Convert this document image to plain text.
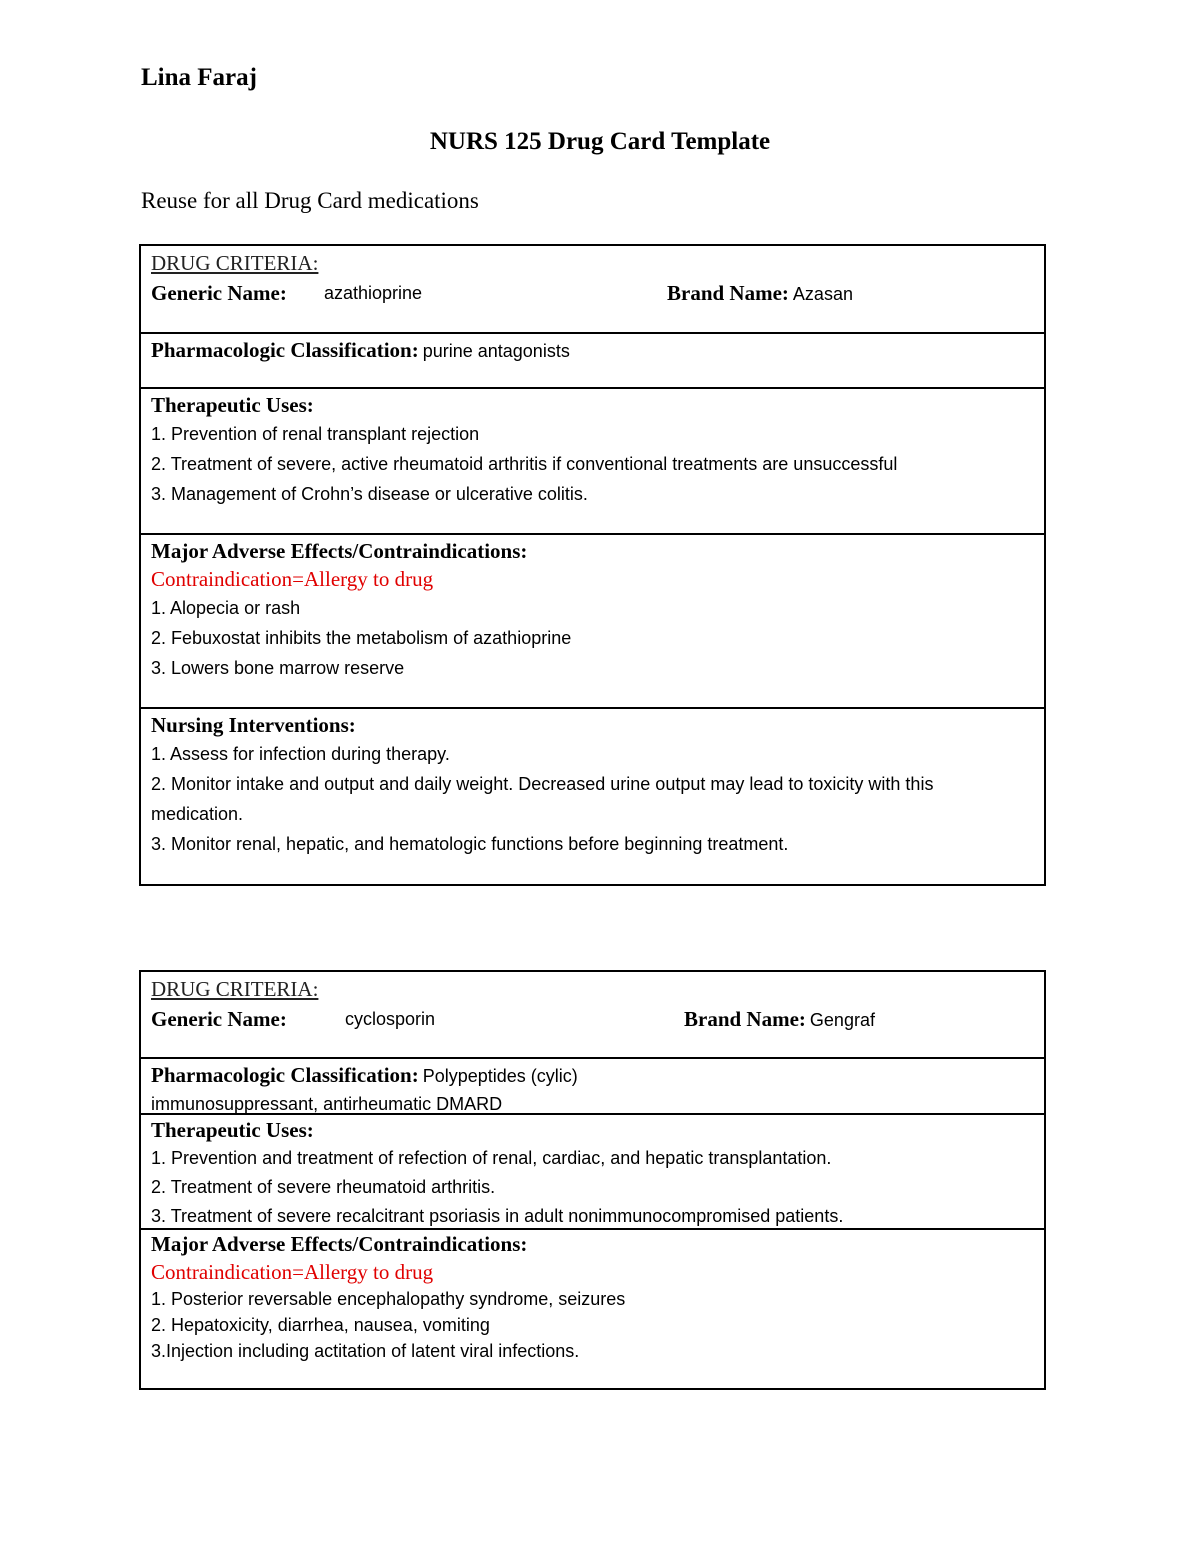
Lina Faraj
NURS 125 Drug Card Template
Reuse for all Drug Card medications
DRUG CRITERIA:
Generic Name: azathioprine	Brand Name: Azasan
Pharmacologic Classification: purine antagonists
Therapeutic Uses:
1. Prevention of renal transplant rejection
2. Treatment of severe, active rheumatoid arthritis if conventional treatments are unsuccessful
3. Management of Crohn’s disease or ulcerative colitis.
Major Adverse Effects/Contraindications:
Contraindication=Allergy to drug
1. Alopecia or rash
2. Febuxostat inhibits the metabolism of azathioprine
3. Lowers bone marrow reserve
Nursing Interventions:
1. Assess for infection during therapy.
2. Monitor intake and output and daily weight. Decreased urine output may lead to toxicity with this
medication.
3. Monitor renal, hepatic, and hematologic functions before beginning treatment.
DRUG CRITERIA:
Generic Name:	cyclosporin	Brand Name: Gengraf
Pharmacologic Classification: Polypeptides (cylic)
immunosuppressant, antirheumatic DMARD
Therapeutic Uses:
1. Prevention and treatment of refection of renal, cardiac, and hepatic transplantation.
2. Treatment of severe rheumatoid arthritis.
3. Treatment of severe recalcitrant psoriasis in adult nonimmunocompromised patients.
Major Adverse Effects/Contraindications:
Contraindication=Allergy to drug
1. Posterior reversable encephalopathy syndrome, seizures
2. Hepatoxicity, diarrhea, nausea, vomiting
3.Injection including actitation of latent viral infections.
